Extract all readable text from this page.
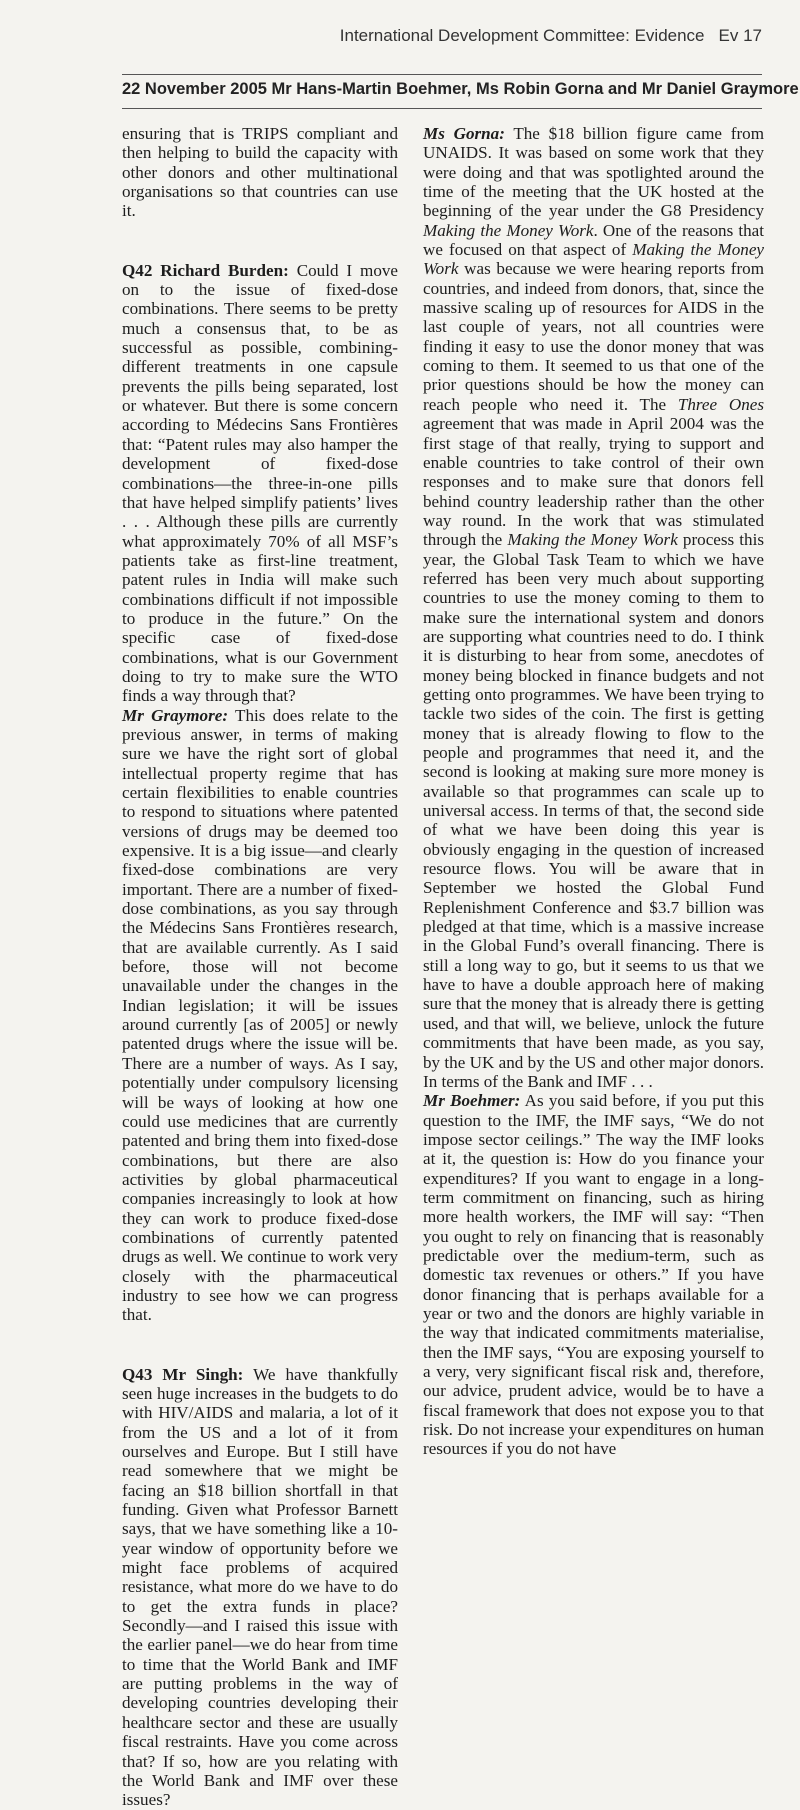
International Development Committee: Evidence Ev 17
22 November 2005 Mr Hans-Martin Boehmer, Ms Robin Gorna and Mr Daniel Graymore

ensuring that is TRIPS compliant and then helping to build the capacity with other donors and other multinational organisations so that countries can use it.

Q42 Richard Burden: Could I move on to the issue of fixed-dose combinations. There seems to be pretty much a consensus that, to be as successful as possible, combining- different treatments in one capsule prevents the pills being separated, lost or whatever. But there is some concern according to Médecins Sans Frontières that: “Patent rules may also hamper the development of fixed-dose combinations—the three-in-one pills that have helped simplify patients’ lives . . . Although these pills are currently what approximately 70% of all MSF’s patients take as first-line treatment, patent rules in India will make such combinations difficult if not impossible to produce in the future.” On the specific case of fixed-dose combinations, what is our Government doing to try to make sure the WTO finds a way through that?

Mr Graymore: This does relate to the previous answer, in terms of making sure we have the right sort of global intellectual property regime that has certain flexibilities to enable countries to respond to situations where patented versions of drugs may be deemed too expensive. It is a big issue—and clearly fixed-dose combinations are very important. There are a number of fixed-dose combinations, as you say through the Médecins Sans Frontières research, that are available currently. As I said before, those will not become unavailable under the changes in the Indian legislation; it will be issues around currently [as of 2005] or newly patented drugs where the issue will be. There are a number of ways. As I say, potentially under compulsory licensing will be ways of looking at how one could use medicines that are currently patented and bring them into fixed-dose combinations, but there are also activities by global pharmaceutical companies increasingly to look at how they can work to produce fixed-dose combinations of currently patented drugs as well. We continue to work very closely with the pharmaceutical industry to see how we can progress that.

Q43 Mr Singh: We have thankfully seen huge increases in the budgets to do with HIV/AIDS and malaria, a lot of it from the US and a lot of it from ourselves and Europe. But I still have read somewhere that we might be facing an $18 billion shortfall in that funding. Given what Professor Barnett says, that we have something like a 10-year window of opportunity before we might face problems of acquired resistance, what more do we have to do to get the extra funds in place? Secondly—and I raised this issue with the earlier panel—we do hear from time to time that the World Bank and IMF are putting problems in the way of developing countries developing their healthcare sector and these are usually fiscal restraints. Have you come across that? If so, how are you relating with the World Bank and IMF over these issues?

Ms Gorna: The $18 billion figure came from UNAIDS. It was based on some work that they were doing and that was spotlighted around the time of the meeting that the UK hosted at the beginning of the year under the G8 Presidency Making the Money Work. One of the reasons that we focused on that aspect of Making the Money Work was because we were hearing reports from countries, and indeed from donors, that, since the massive scaling up of resources for AIDS in the last couple of years, not all countries were finding it easy to use the donor money that was coming to them. It seemed to us that one of the prior questions should be how the money can reach people who need it. The Three Ones agreement that was made in April 2004 was the first stage of that really, trying to support and enable countries to take control of their own responses and to make sure that donors fell behind country leadership rather than the other way round. In the work that was stimulated through the Making the Money Work process this year, the Global Task Team to which we have referred has been very much about supporting countries to use the money coming to them to make sure the international system and donors are supporting what countries need to do. I think it is disturbing to hear from some, anecdotes of money being blocked in finance budgets and not getting onto programmes. We have been trying to tackle two sides of the coin. The first is getting money that is already flowing to flow to the people and programmes that need it, and the second is looking at making sure more money is available so that programmes can scale up to universal access. In terms of that, the second side of what we have been doing this year is obviously engaging in the question of increased resource flows. You will be aware that in September we hosted the Global Fund Replenishment Conference and $3.7 billion was pledged at that time, which is a massive increase in the Global Fund’s overall financing. There is still a long way to go, but it seems to us that we have to have a double approach here of making sure that the money that is already there is getting used, and that will, we believe, unlock the future commitments that have been made, as you say, by the UK and by the US and other major donors. In terms of the Bank and IMF . . .

Mr Boehmer: As you said before, if you put this question to the IMF, the IMF says, “We do not impose sector ceilings.” The way the IMF looks at it, the question is: How do you finance your expenditures? If you want to engage in a long-term commitment on financing, such as hiring more health workers, the IMF will say: “Then you ought to rely on financing that is reasonably predictable over the medium-term, such as domestic tax revenues or others.” If you have donor financing that is perhaps available for a year or two and the donors are highly variable in the way that indicated commitments materialise, then the IMF says, “You are exposing yourself to a very, very significant fiscal risk and, therefore, our advice, prudent advice, would be to have a fiscal framework that does not expose you to that risk. Do not increase your expenditures on human resources if you do not have
